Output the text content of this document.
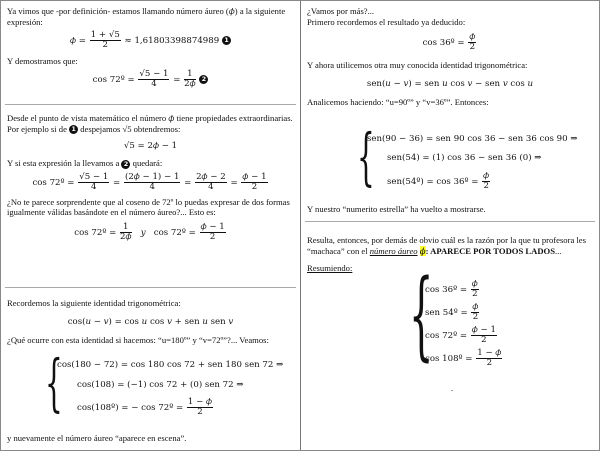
Ya vimos que -por definición- estamos llamando número áureo (𝜙) a la siguiente expresión:

𝜙 = $\frac{1 + √5}{2} \approx 1,61803398874989$ 1

Y demostramos que:

cos 72º = $\frac{√5 - 1}{4} = \frac{1}{\text{2𝜙}} 2$

Desde el punto de vista matemático el número 𝜙 tiene propiedades extraordinarias. Por ejemplo si de 1 despejamos √5 obtendremos:

√5 = 2𝜙 − 1

Y si esta expresión la llevamos a 2 quedará:

cos 72º = $\frac{√5 - 1}{4} = \frac{\text{(2𝜙 − 1) − 1}}{4} = \frac{\text{2𝜙 − 2}}{4} = \frac{\text{𝜙 − 1}}{2}$

¿No te parece sorprendente que al coseno de 72º lo puedas expresar de dos formas igualmente válidas basándote en el número áureo?... Esto es:

cos 72º = $\frac{1}{\text{2𝜙}}$ y cos 72º = $\frac{\text{𝜙 − 1}}{2}$

Recordemos la siguiente identidad trigonométrica:

cos(𝑢 − 𝑣) = cos 𝑢 cos 𝑣 + sen 𝑢 sen 𝑣

¿Qué ocurre con esta identidad si hacemos: “u=180º” y “v=72º”?... Veamos:

{
cos(180 − 72) = cos 180 cos 72 + sen 180 sen 72 ⇒
cos(108) = (−1) cos 72 + (0) sen 72 ⇒
cos(108º) = − cos 72º = $\frac{\text{1 − 𝜙}}{2}$

y nuevamente el número áureo “aparece en escena”.

¿Vamos por más?...

Primero recordemos el resultado ya deducido:

cos 36º = $\frac{\text{𝜙}}{2}$

Y ahora utilicemos otra muy conocida identidad trigonométrica:

sen(𝑢 − 𝑣) = sen 𝑢 cos 𝑣 − sen 𝑣 cos 𝑢

Analicemos haciendo: “u=90º” y “v=36º”. Entonces:

{
sen(90 − 36) = sen 90 cos 36 − sen 36 cos 90 ⇒
sen(54) = (1) cos 36 − sen 36 (0) ⇒
sen(54º) = cos 36º = $\frac{\text{𝜙}}{2}$

Y nuestro “numerito estrella” ha vuelto a mostrarse.

Resulta, entonces, por demás de obvio cuál es la razón por la que tu profesora les “machaca” con el número áureo 𝜙: APARECE POR TODOS LADOS...

Resumiendo: {
cos 36º = $\frac{\text{𝜙}}{2}$
sen 54º = $\frac{\text{𝜙}}{2}$
cos 72º = $\frac{\text{𝜙 − 1}}{2}$
cos 108º = $\frac{\text{1 − 𝜙}}{2}$

.
